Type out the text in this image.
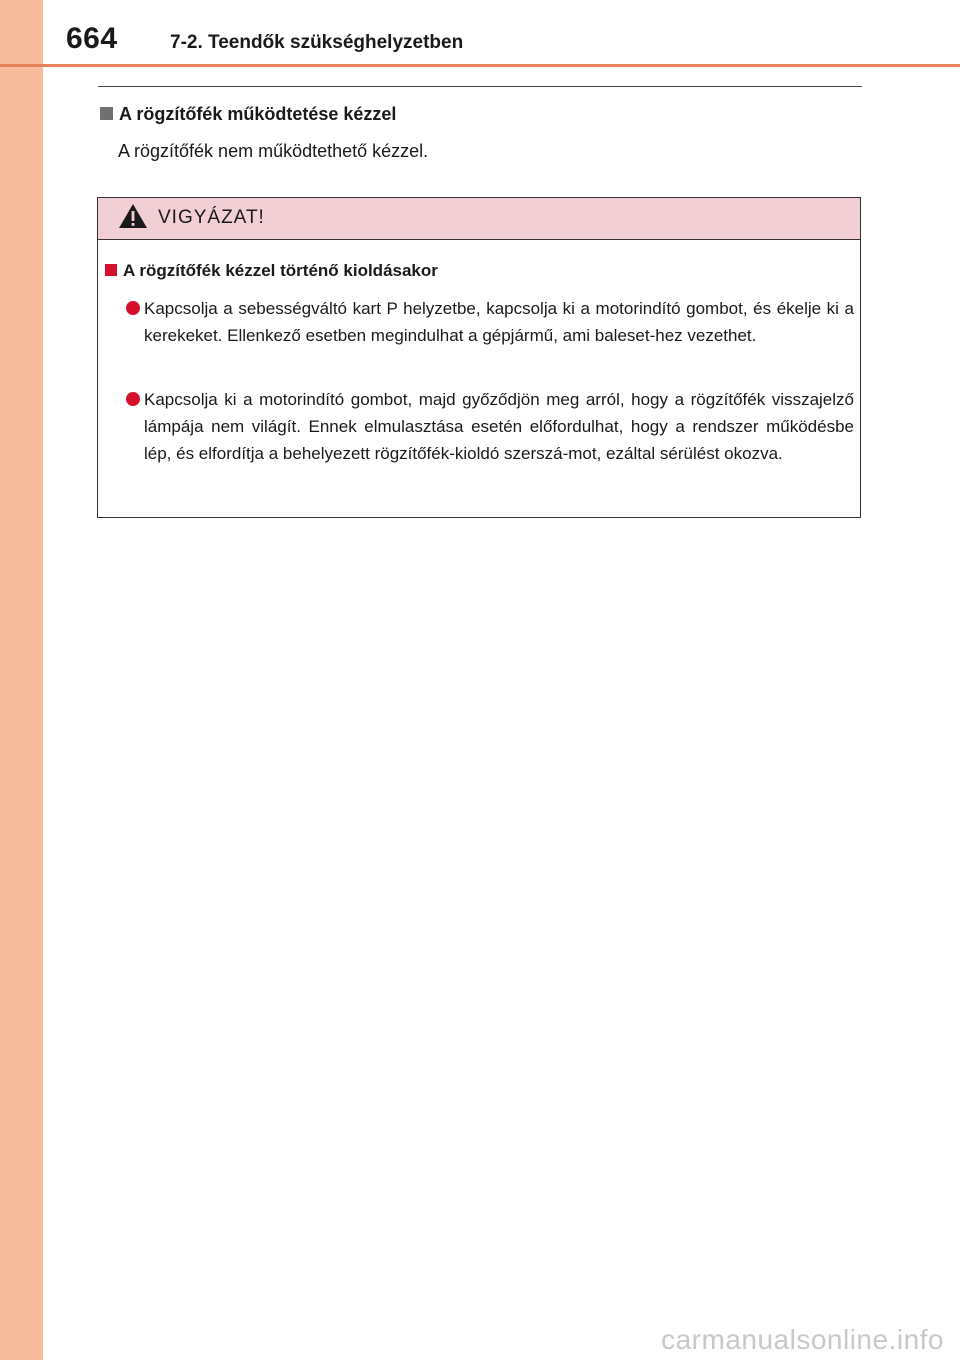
664	7-2. Teendők szükséghelyzetben
A rögzítőfék működtetése kézzel
A rögzítőfék nem működtethető kézzel.
VIGYÁZAT!
A rögzítőfék kézzel történő kioldásakor
Kapcsolja a sebességváltó kart P helyzetbe, kapcsolja ki a motorindító gombot, és ékelje ki a kerekeket. Ellenkező esetben megindulhat a gépjármű, ami baleset-hez vezethet.
Kapcsolja ki a motorindító gombot, majd győződjön meg arról, hogy a rögzítőfék visszajelző lámpája nem világít. Ennek elmulasztása esetén előfordulhat, hogy a rendszer működésbe lép, és elfordítja a behelyezett rögzítőfék-kioldó szerszá-mot, ezáltal sérülést okozva.
carmanualsonline.info
